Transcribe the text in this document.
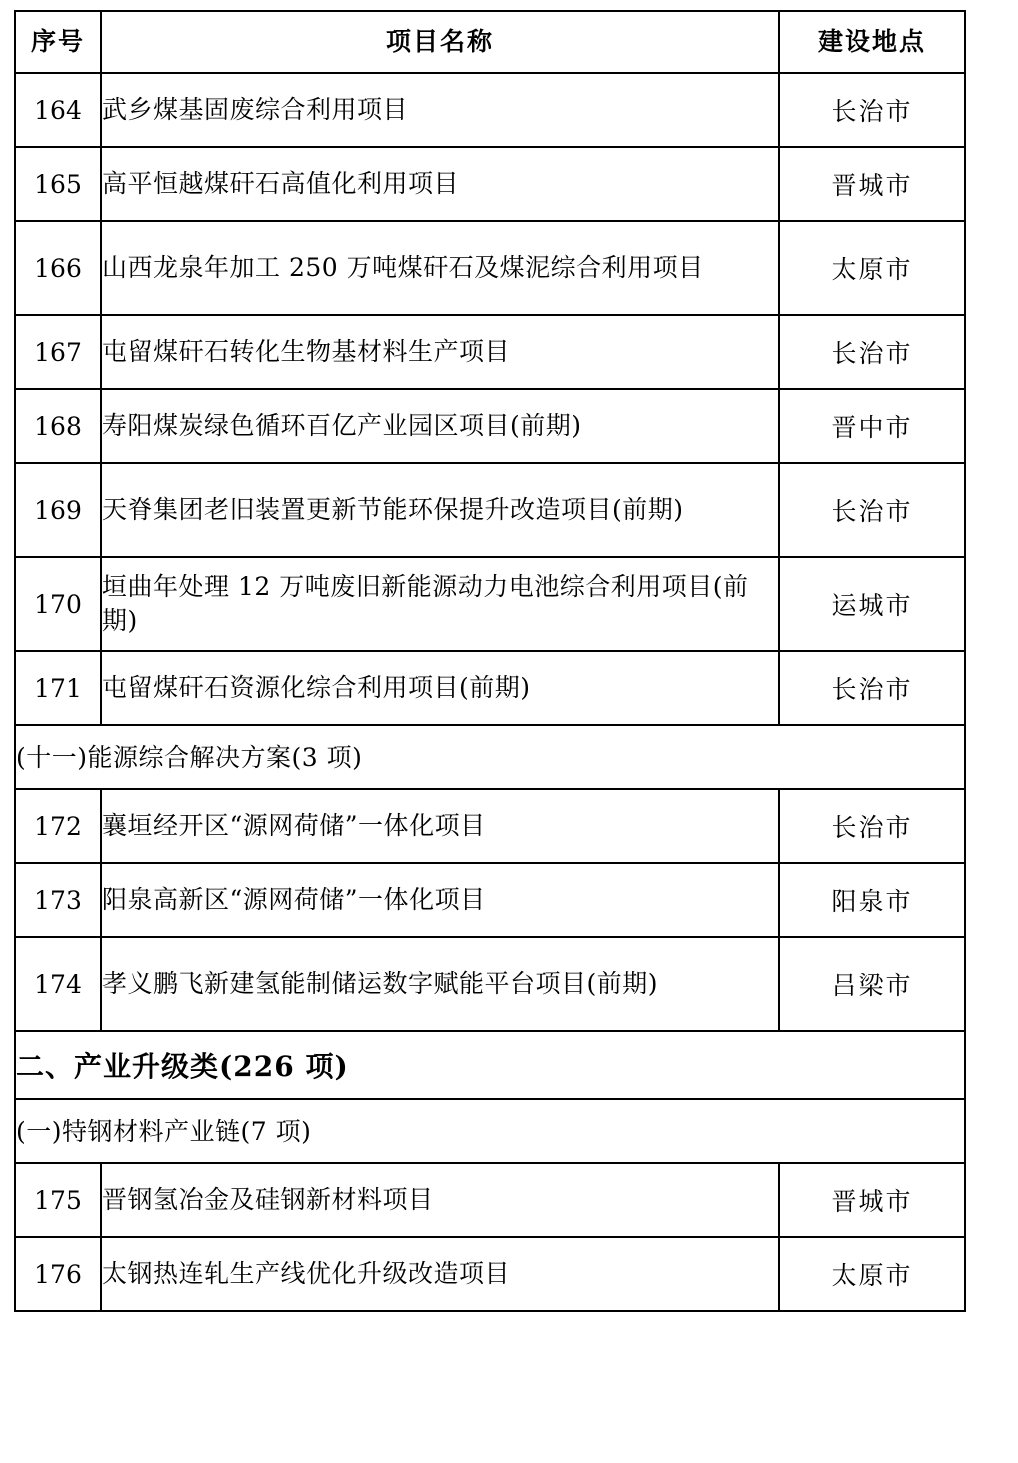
序号	项目名称	建设地点
164	武乡煤基固废综合利用项目	长治市
165	高平恒越煤矸石高值化利用项目	晋城市
166	山西龙泉年加工 250 万吨煤矸石及煤泥综合利用项目	太原市
167	屯留煤矸石转化生物基材料生产项目	长治市
168	寿阳煤炭绿色循环百亿产业园区项目(前期)	晋中市
169	天脊集团老旧装置更新节能环保提升改造项目(前期)	长治市
170	垣曲年处理 12 万吨废旧新能源动力电池综合利用项目(前期)	运城市
171	屯留煤矸石资源化综合利用项目(前期)	长治市
(十一)能源综合解决方案(3 项)		
172	襄垣经开区“源网荷储”一体化项目	长治市
173	阳泉高新区“源网荷储”一体化项目	阳泉市
174	孝义鹏飞新建氢能制储运数字赋能平台项目(前期)	吕梁市
二、产业升级类(226 项)		
(一)特钢材料产业链(7 项)		
175	晋钢氢冶金及硅钢新材料项目	晋城市
176	太钢热连轧生产线优化升级改造项目	太原市
